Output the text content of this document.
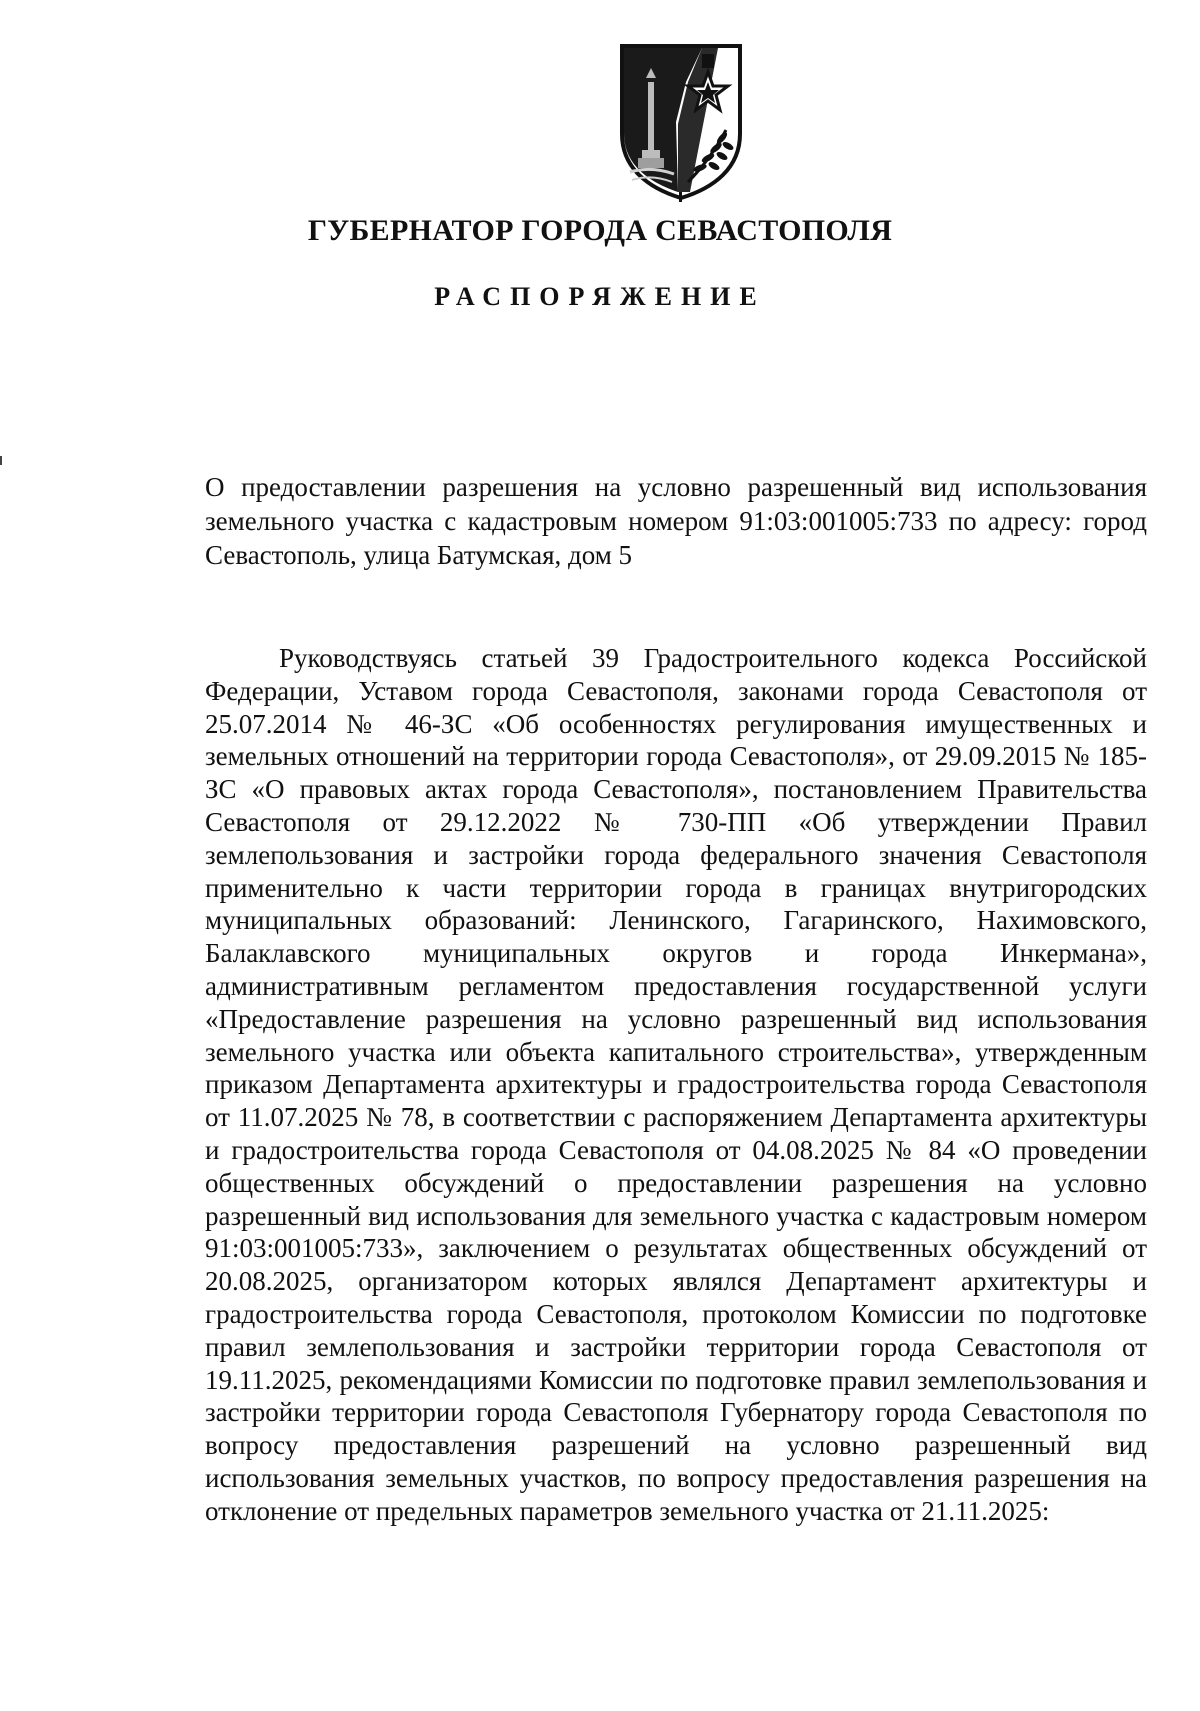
ГУБЕРНАТОР ГОРОДА СЕВАСТОПОЛЯ
РАСПОРЯЖЕНИЕ
О предоставлении разрешения на условно разрешенный вид использования земельного участка с кадастровым номером 91:03:001005:733 по адресу: город Севастополь, улица Батумская, дом 5
Руководствуясь статьей 39 Градостроительного кодекса Российской Федерации, Уставом города Севастополя, законами города Севастополя от 25.07.2014 № 46-ЗС «Об особенностях регулирования имущественных и земельных отношений на территории города Севастополя», от 29.09.2015 № 185-ЗС «О правовых актах города Севастополя», постановлением Правительства Севастополя от 29.12.2022 № 730-ПП «Об утверждении Правил землепользования и застройки города федерального значения Севастополя применительно к части территории города в границах внутригородских муниципальных образований: Ленинского, Гагаринского, Нахимовского, Балаклавского муниципальных округов и города Инкермана», административным регламентом предоставления государственной услуги «Предоставление разрешения на условно разрешенный вид использования земельного участка или объекта капитального строительства», утвержденным приказом Департамента архитектуры и градостроительства города Севастополя от 11.07.2025 № 78, в соответствии с распоряжением Департамента архитектуры и градостроительства города Севастополя от 04.08.2025 № 84 «О проведении общественных обсуждений о предоставлении разрешения на условно разрешенный вид использования для земельного участка с кадастровым номером 91:03:001005:733», заключением о результатах общественных обсуждений от 20.08.2025, организатором которых являлся Департамент архитектуры и градостроительства города Севастополя, протоколом Комиссии по подготовке правил землепользования и застройки территории города Севастополя от 19.11.2025, рекомендациями Комиссии по подготовке правил землепользования и застройки территории города Севастополя Губернатору города Севастополя по вопросу предоставления разрешений на условно разрешенный вид использования земельных участков, по вопросу предоставления разрешения на отклонение от предельных параметров земельного участка от 21.11.2025:
